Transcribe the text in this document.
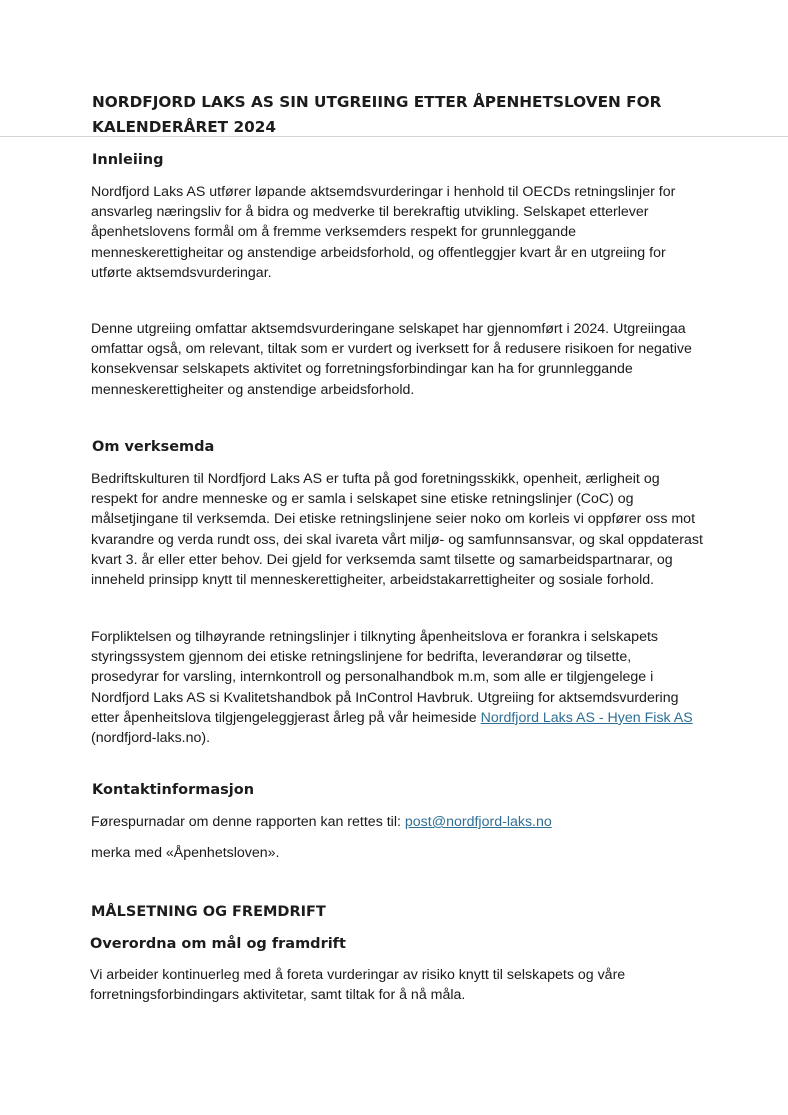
NORDFJORD LAKS AS SIN UTGREIING ETTER ÅPENHETSLOVEN FOR
KALENDERÅRET 2024
Innleiing

Nordfjord Laks AS utfører løpande aktsemdsvurderingar i henhold til OECDs retningslinjer for
ansvarleg næringsliv for å bidra og medverke til berekraftig utvikling. Selskapet etterlever
åpenhetslovens formål om å fremme verksemders respekt for grunnleggande
menneskerettigheitar og anstendige arbeidsforhold, og offentleggjer kvart år en utgreiing for
utførte aktsemdsvurderingar.

Denne utgreiing omfattar aktsemdsvurderingane selskapet har gjennomført i 2024. Utgreiingaa
omfattar også, om relevant, tiltak som er vurdert og iverksett for å redusere risikoen for negative
konsekvensar selskapets aktivitet og forretningsforbindingar kan ha for grunnleggande
menneskerettigheiter og anstendige arbeidsforhold.

Om verksemda

Bedriftskulturen til Nordfjord Laks AS er tufta på god foretningsskikk, openheit, ærligheit og
respekt for andre menneske og er samla i selskapet sine etiske retningslinjer (CoC) og
målsetjingane til verksemda. Dei etiske retningslinjene seier noko om korleis vi oppfører oss mot
kvarandre og verda rundt oss, dei skal ivareta vårt miljø- og samfunnsansvar, og skal oppdaterast
kvart 3. år eller etter behov. Dei gjeld for verksemda samt tilsette og samarbeidspartnarar, og
inneheld prinsipp knytt til menneskerettigheiter, arbeidstakarrettigheiter og sosiale forhold.

Forpliktelsen og tilhøyrande retningslinjer i tilknyting åpenheitslova er forankra i selskapets
styringssystem gjennom dei etiske retningslinjene for bedrifta, leverandørar og tilsette,
prosedyrar for varsling, internkontroll og personalhandbok m.m, som alle er tilgjengelege i
Nordfjord Laks AS si Kvalitetshandbok på InControl Havbruk. Utgreiing for aktsemdsvurdering
etter åpenheitslova tilgjengeleggjerast årleg på vår heimeside Nordfjord Laks AS - Hyen Fisk AS
(nordfjord-laks.no).

Kontaktinformasjon

Førespurnadar om denne rapporten kan rettes til: post@nordfjord-laks.no

merka med «Åpenhetsloven».

MÅLSETNING OG FREMDRIFT
Overordna om mål og framdrift

Vi arbeider kontinuerleg med å foreta vurderingar av risiko knytt til selskapets og våre
forretningsforbindingars aktivitetar, samt tiltak for å nå måla.
